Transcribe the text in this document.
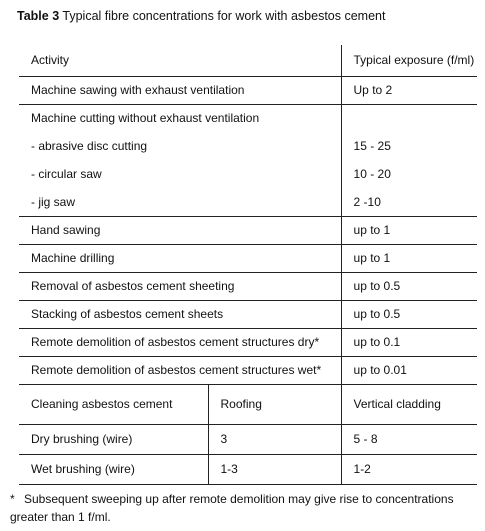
Table 3 Typical fibre concentrations for work with asbestos cement
Activity		Typical exposure (f/ml)
Machine sawing with exhaust ventilation		Up to 2
Machine cutting without exhaust ventilation		
- abrasive disc cutting		15 - 25
- circular saw		10 - 20
- jig saw		2 -10
Hand sawing		up to 1
Machine drilling		up to 1
Removal of asbestos cement sheeting		up to 0.5
Stacking of asbestos cement sheets		up to 0.5
Remote demolition of asbestos cement structures dry*		up to 0.1
Remote demolition of asbestos cement structures wet*		up to 0.01
Cleaning asbestos cement	Roofing	Vertical cladding
Dry brushing (wire)	3	5 - 8
Wet brushing (wire)	1-3	1-2
* Subsequent sweeping up after remote demolition may give rise to concentrations greater than 1 f/ml.
